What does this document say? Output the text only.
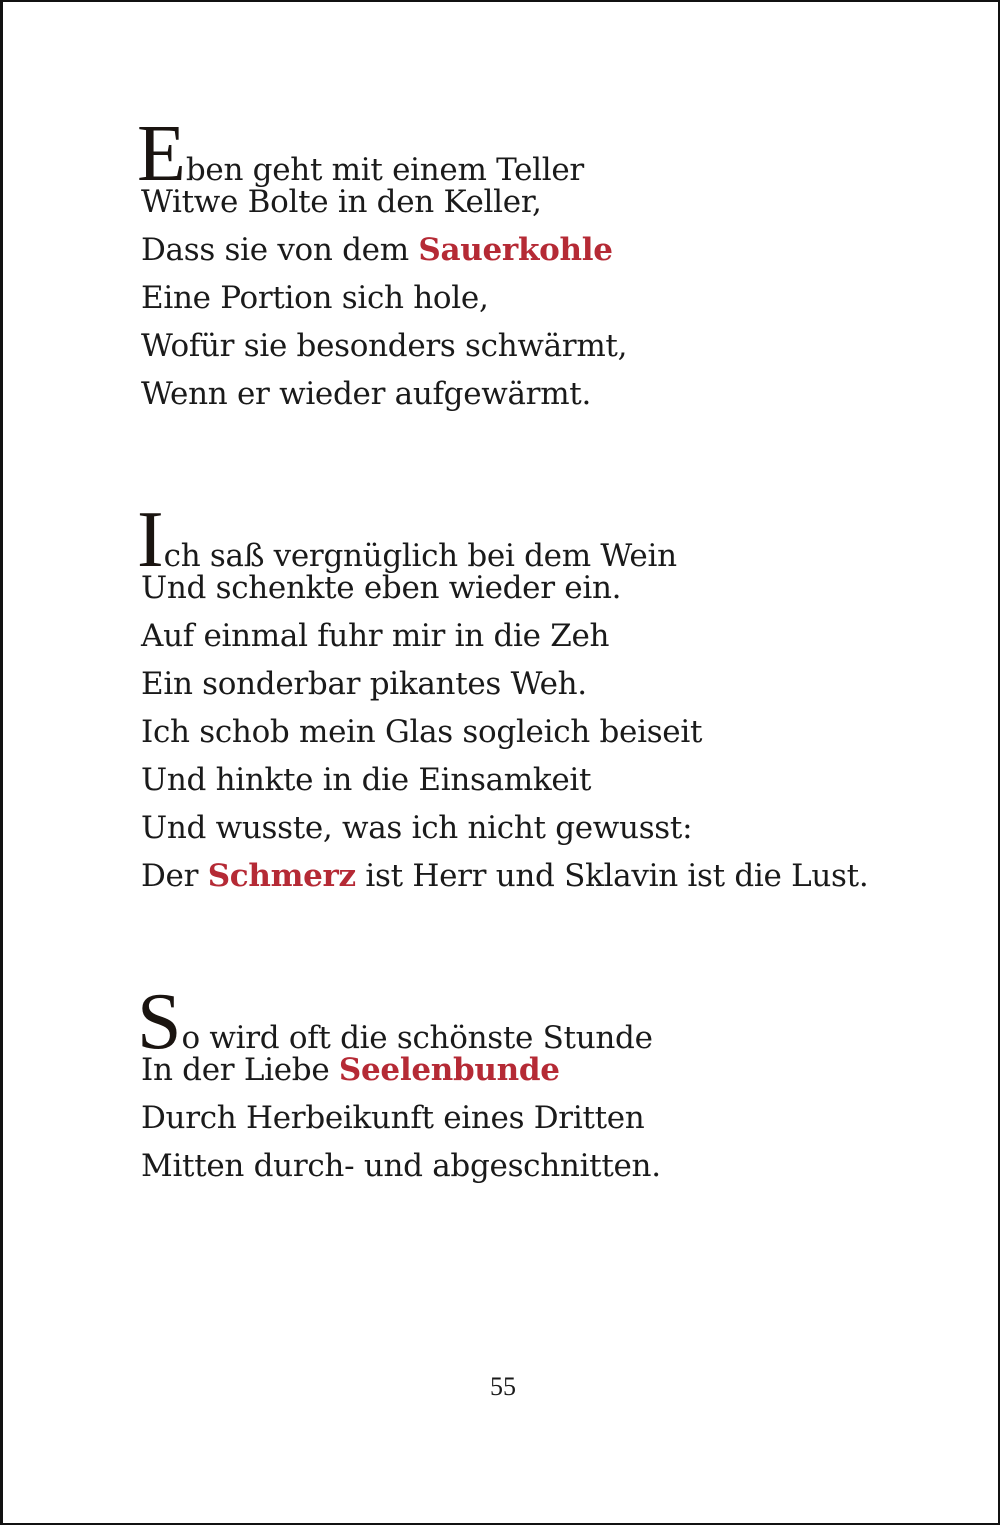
Eben geht mit einem Teller
Witwe Bolte in den Keller,
Dass sie von dem Sauerkohle
Eine Portion sich hole,
Wofür sie besonders schwärmt,
Wenn er wieder aufgewärmt.
Ich saß vergnüglich bei dem Wein
Und schenkte eben wieder ein.
Auf einmal fuhr mir in die Zeh
Ein sonderbar pikantes Weh.
Ich schob mein Glas sogleich beiseit
Und hinkte in die Einsamkeit
Und wusste, was ich nicht gewusst:
Der Schmerz ist Herr und Sklavin ist die Lust.
So wird oft die schönste Stunde
In der Liebe Seelenbunde
Durch Herbeikunft eines Dritten
Mitten durch- und abgeschnitten.
55
